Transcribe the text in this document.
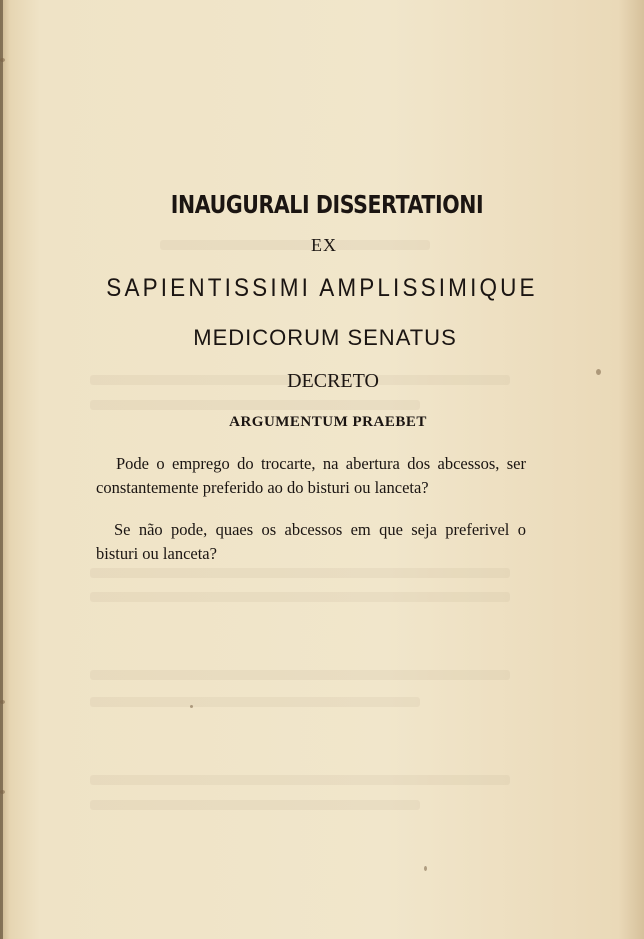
INAUGURALI DISSERTATIONI
EX
SAPIENTISSIMI AMPLISSIMIQUE
MEDICORUM SENATUS
DECRETO
ARGUMENTUM PRAEBET

Pode o emprego do trocarte, na abertura dos abcessos, ser constantemente preferido ao do bisturi ou lanceta?

Se não pode, quaes os abcessos em que seja preferivel o bisturi ou lanceta?
